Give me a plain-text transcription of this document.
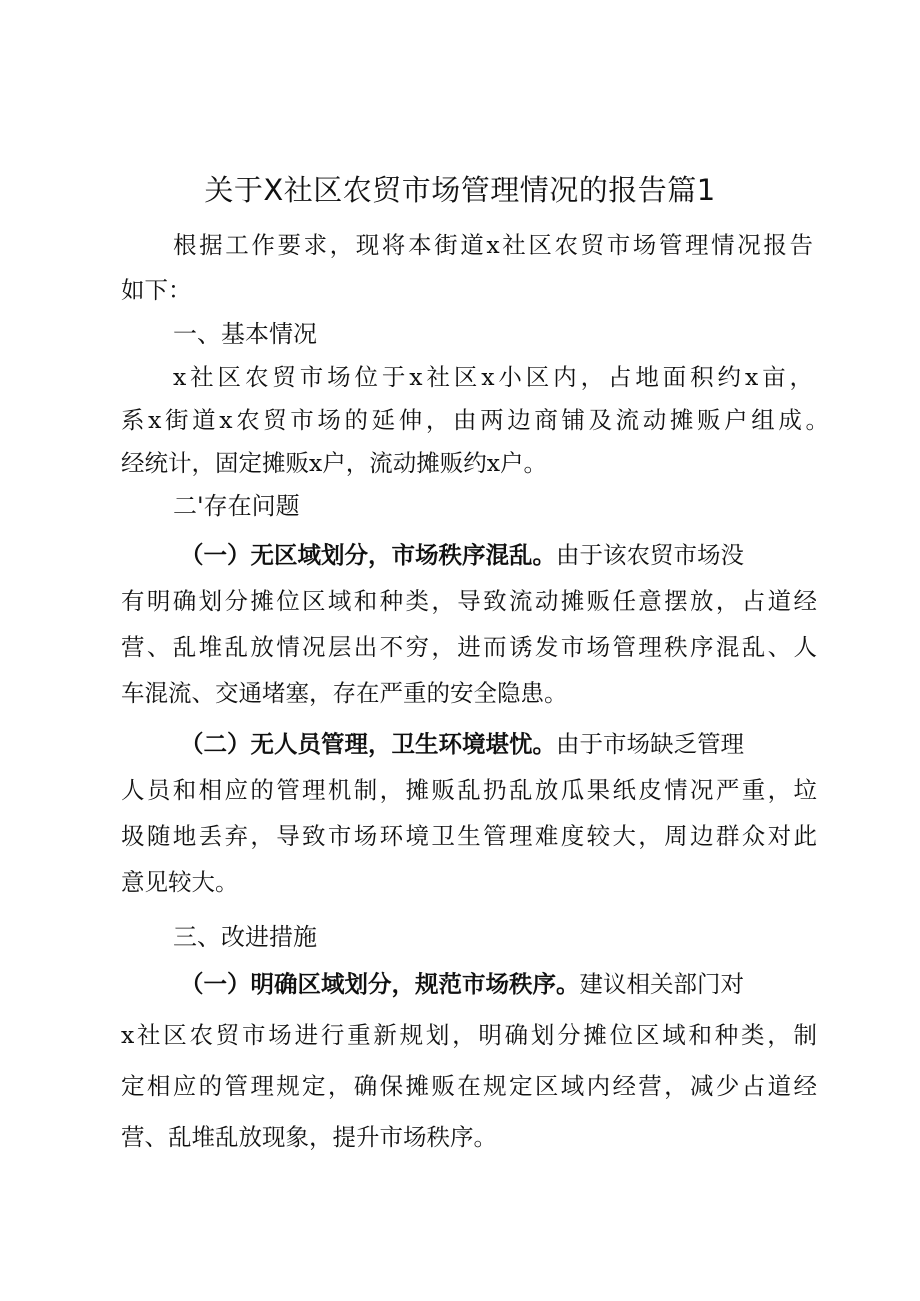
关于X社区农贸市场管理情况的报告篇1
根据工作要求，现将本街道x社区农贸市场管理情况报告
如下：
一、基本情况
x社区农贸市场位于x社区x小区内，占地面积约x亩，
系x街道x农贸市场的延伸，由两边商铺及流动摊贩户组成。
经统计，固定摊贩x户，流动摊贩约x户。
二'存在问题
（一）无区域划分，市场秩序混乱。由于该农贸市场没
有明确划分摊位区域和种类，导致流动摊贩任意摆放，占道经
营、乱堆乱放情况层出不穷，进而诱发市场管理秩序混乱、人
车混流、交通堵塞，存在严重的安全隐患。
（二）无人员管理，卫生环境堪忧。由于市场缺乏管理
人员和相应的管理机制，摊贩乱扔乱放瓜果纸皮情况严重，垃
圾随地丢弃，导致市场环境卫生管理难度较大，周边群众对此
意见较大。
三、改进措施
（一）明确区域划分，规范市场秩序。建议相关部门对
x社区农贸市场进行重新规划，明确划分摊位区域和种类，制
定相应的管理规定，确保摊贩在规定区域内经营，减少占道经
营、乱堆乱放现象，提升市场秩序。
